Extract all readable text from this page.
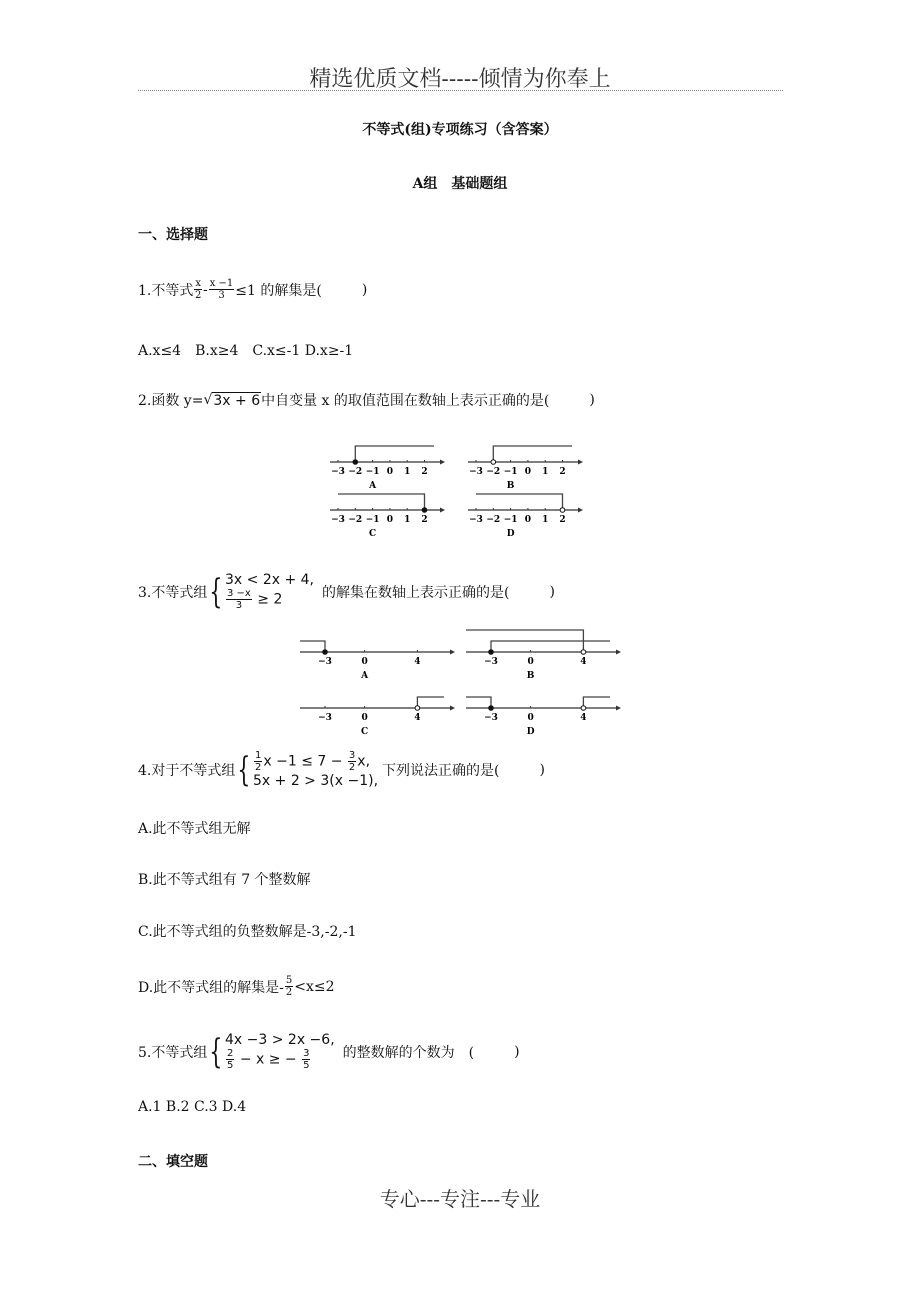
精选优质文档-----倾情为你奉上
不等式(组)专项练习（含答案）
A组　基础题组
一、选择题
1.不等式 $\frac{x}{2} - \frac{x -1}{3} \le 1$ 的解集是(	)
A.x≤4　B.x≥4　C.x≤-1 D.x≥-1
2.函数 y= √ 3x + 6 中自变量 x 的取值范围在数轴上表示正确的是(	)
3.不等式组 { 3x < 2x + 4,
$\frac{3 -x}{3} \ge 2$	的解集在数轴上表示正确的是(	)
4.对于不等式组 { $\frac{1}{2}$ $x -1 \le 7 - \frac{3}{2} x$,
5x + 2 > 3(x −1),
下列说法正确的是(	)
A.此不等式组无解
B.此不等式组有 7 个整数解
C.此不等式组的负整数解是-3,-2,-1
D.此不等式组的解集是- $\frac{5}{2} <x\le 2$
5.不等式组 { 4x −3 > 2x −6,
$\frac{2}{5} - x$ ≥ − $\frac{3}{5}$ 的整数解的个数为　(	)
A.1 B.2 C.3 D.4
二、填空题
专心---专注---专业
−3 −2 −1 0 1 2
A
−3 −2 −1 0 1 2
B
−3 −2 −1 0 1 2
C
−3 −2 −1 0 1 2
D
−3	0	4
A
−3	0	4
B
−3	0	4
C
−3	0	4
D
